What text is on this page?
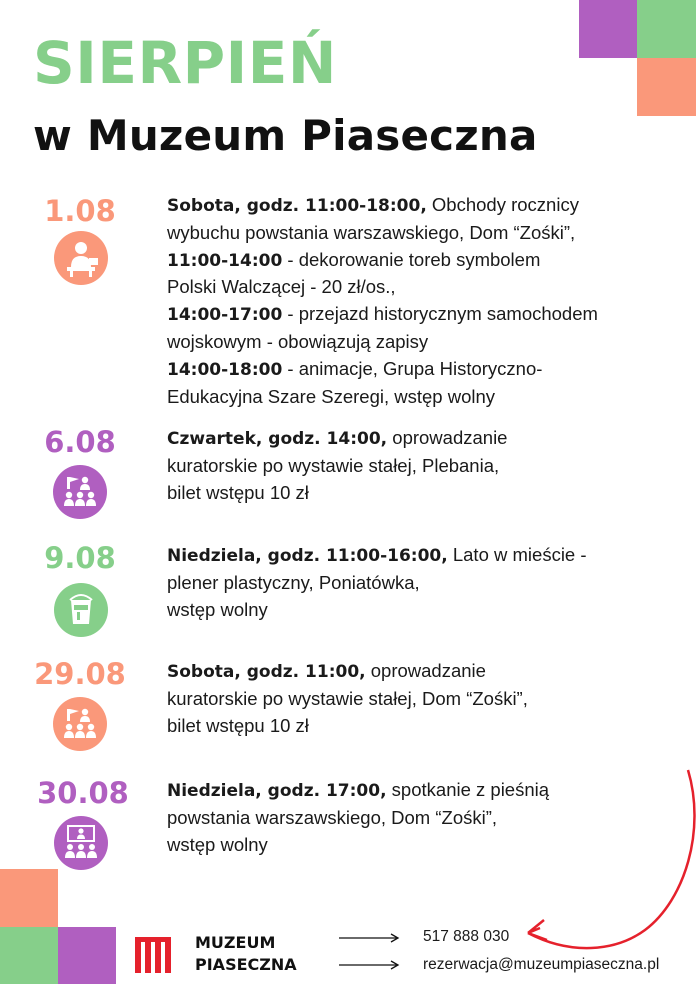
SIERPIEŃ
w Muzeum Piaseczna
1.08	Sobota, godz. 11:00-18:00, Obchody rocznicy

wybuchu powstania warszawskiego, Dom “Zośki”,

11:00-14:00 - dekorowanie toreb symbolem

Polski Walczącej - 20 zł/os.,

14:00-17:00 - przejazd historycznym samochodem

wojskowym - obowiązują zapisy

14:00-18:00 - animacje, Grupa Historyczno-

Edukacyjna Szare Szeregi, wstęp wolny

6.08	Czwartek, godz. 14:00, oprowadzanie

kuratorskie po wystawie stałej, Plebania,

bilet wstępu 10 zł

9.08	Niedziela, godz. 11:00-16:00, Lato w mieście -

plener plastyczny, Poniatówka,

wstęp wolny

29.08	Sobota, godz. 11:00, oprowadzanie

kuratorskie po wystawie stałej, Dom “Zośki”,

bilet wstępu 10 zł

30.08	Niedziela, godz. 17:00, spotkanie z pieśnią

powstania warszawskiego, Dom “Zośki”,

wstęp wolny

MUZEUM
PIASECZNA
517 888 030
rezerwacja@muzeumpiaseczna.pl
